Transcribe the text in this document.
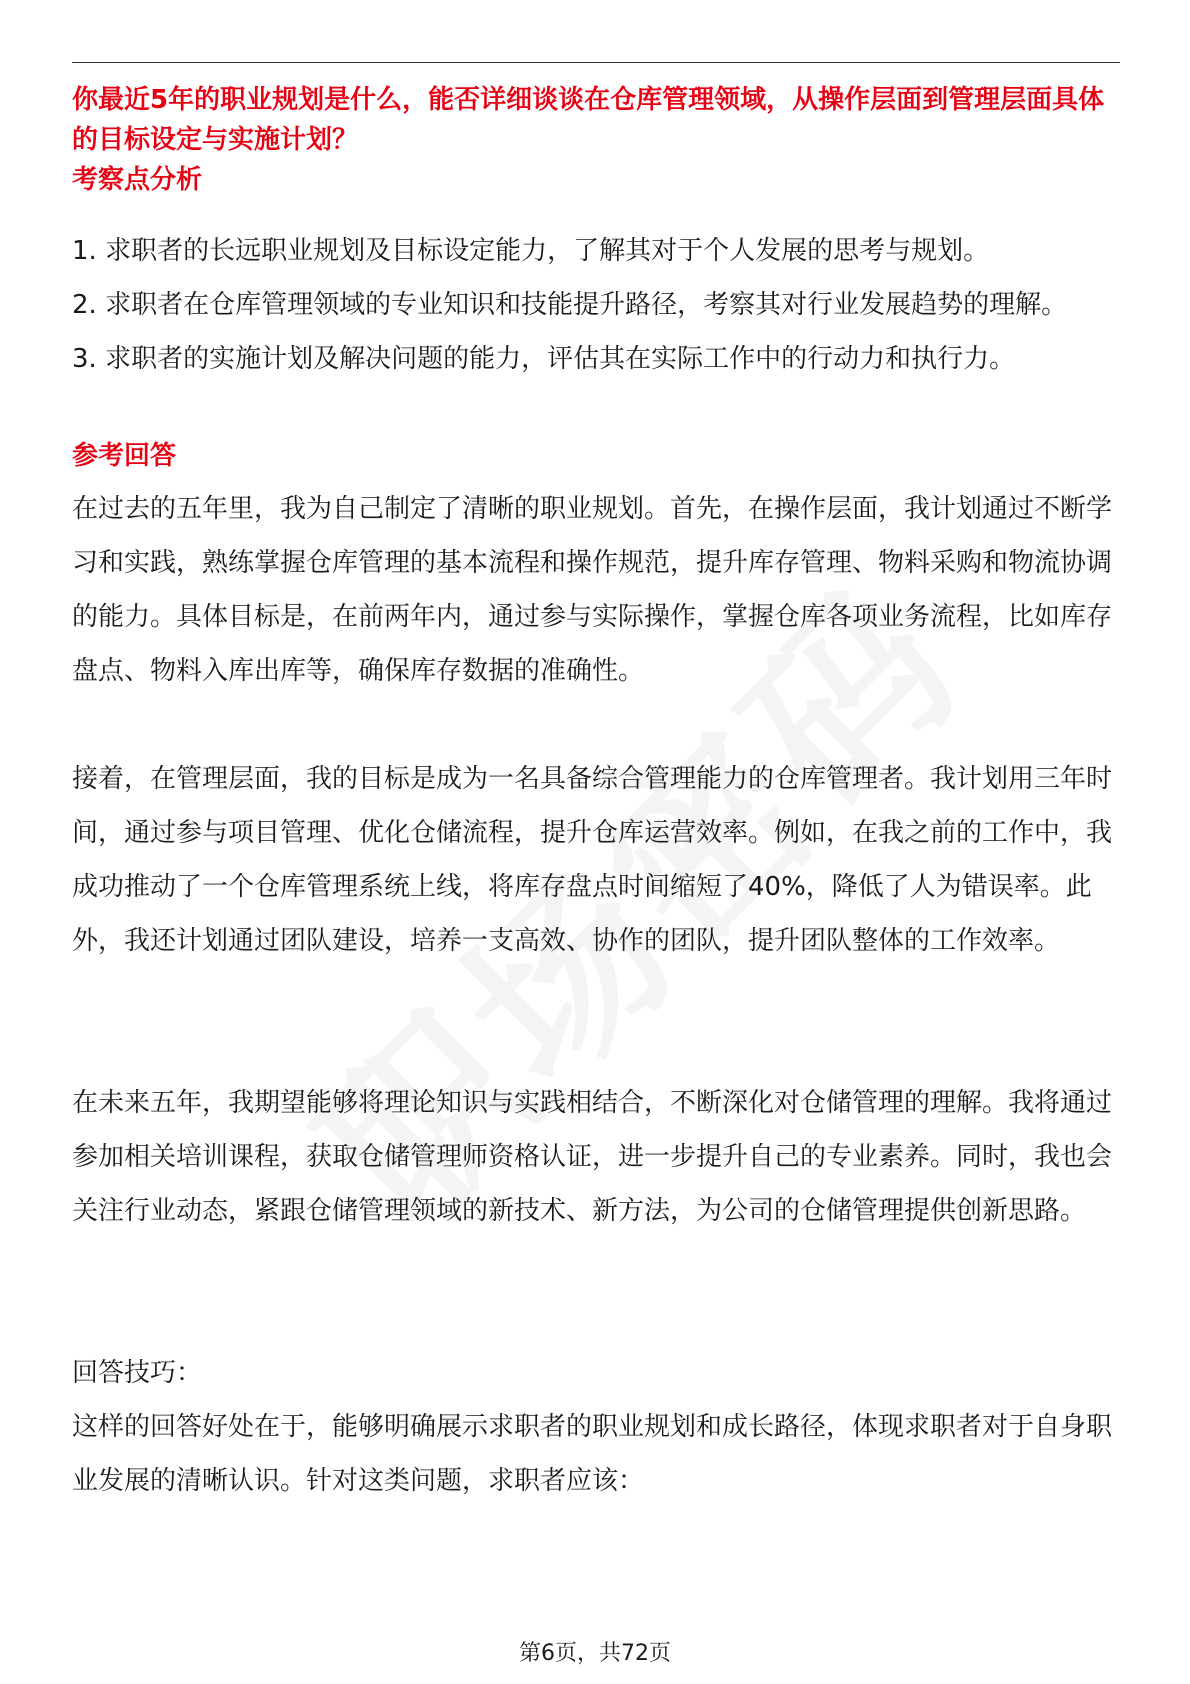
你最近5年的职业规划是什么，能否详细谈谈在仓库管理领域，从操作层面到管理层面具体的目标设定与实施计划？

考察点分析

1. 求职者的长远职业规划及目标设定能力，了解其对于个人发展的思考与规划。
2. 求职者在仓库管理领域的专业知识和技能提升路径，考察其对行业发展趋势的理解。
3. 求职者的实施计划及解决问题的能力，评估其在实际工作中的行动力和执行力。

参考回答

在过去的五年里，我为自己制定了清晰的职业规划。首先，在操作层面，我计划通过不断学习和实践，熟练掌握仓库管理的基本流程和操作规范，提升库存管理、物料采购和物流协调的能力。具体目标是，在前两年内，通过参与实际操作，掌握仓库各项业务流程，比如库存盘点、物料入库出库等，确保库存数据的准确性。

接着，在管理层面，我的目标是成为一名具备综合管理能力的仓库管理者。我计划用三年时间，通过参与项目管理、优化仓储流程，提升仓库运营效率。例如，在我之前的工作中，我成功推动了一个仓库管理系统上线，将库存盘点时间缩短了40%，降低了人为错误率。此外，我还计划通过团队建设，培养一支高效、协作的团队，提升团队整体的工作效率。

在未来五年，我期望能够将理论知识与实践相结合，不断深化对仓储管理的理解。我将通过参加相关培训课程，获取仓储管理师资格认证，进一步提升自己的专业素养。同时，我也会关注行业动态，紧跟仓储管理领域的新技术、新方法，为公司的仓储管理提供创新思路。

回答技巧：

这样的回答好处在于，能够明确展示求职者的职业规划和成长路径，体现求职者对于自身职业发展的清晰认识。针对这类问题，求职者应该：

第6页，共72页
